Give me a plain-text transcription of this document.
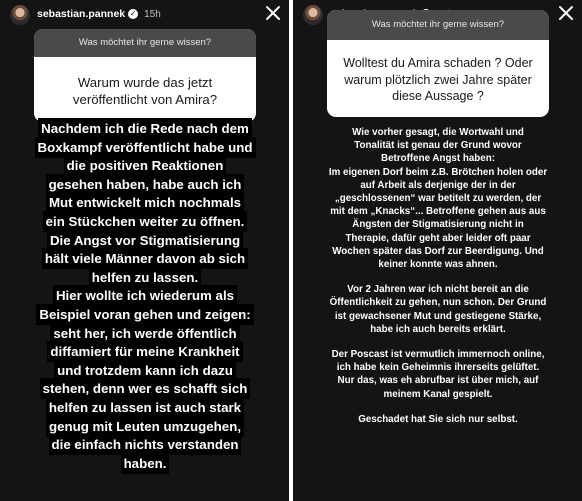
sebastian.pannek ✓ 15h
Was möchtet ihr gerne wissen?
Warum wurde das jetzt veröffentlicht von Amira?
Nachdem ich die Rede nach dem
Boxkampf veröffentlicht habe und
die positiven Reaktionen
gesehen haben, habe auch ich
Mut entwickelt mich nochmals
ein Stückchen weiter zu öffnen.
Die Angst vor Stigmatisierung
hält viele Männer davon ab sich
helfen zu lassen.
Hier wollte ich wiederum als
Beispiel voran gehen und zeigen:
seht her, ich werde öffentlich
diffamiert für meine Krankheit
und trotzdem kann ich dazu
stehen, denn wer es schafft sich
helfen zu lassen ist auch stark
genug mit Leuten umzugehen,
die einfach nichts verstanden
haben.

Was möchtet ihr gerne wissen?
Wolltest du Amira schaden ? Oder warum plötzlich zwei Jahre später diese Aussage ?
Wie vorher gesagt, die Wortwahl und
Tonalität ist genau der Grund wovor
Betroffene Angst haben:
Im eigenen Dorf beim z.B. Brötchen holen oder
auf Arbeit als derjenige der in der
„geschlossenen“ war betitelt zu werden, der
mit dem „Knacks“... Betroffene gehen aus aus
Ängsten der Stigmatisierung nicht in
Therapie, dafür geht aber leider oft paar
Wochen später das Dorf zur Beerdigung. Und
keiner konnte was ahnen.

Vor 2 Jahren war ich nicht bereit an die
Öffentlichkeit zu gehen, nun schon. Der Grund
ist gewachsener Mut und gestiegene Stärke,
habe ich auch bereits erklärt.

Der Poscast ist vermutlich immernoch online,
ich habe kein Geheimnis ihrerseits gelüftet.
Nur das, was eh abrufbar ist über mich, auf
meinem Kanal gespielt.

Geschadet hat Sie sich nur selbst.
